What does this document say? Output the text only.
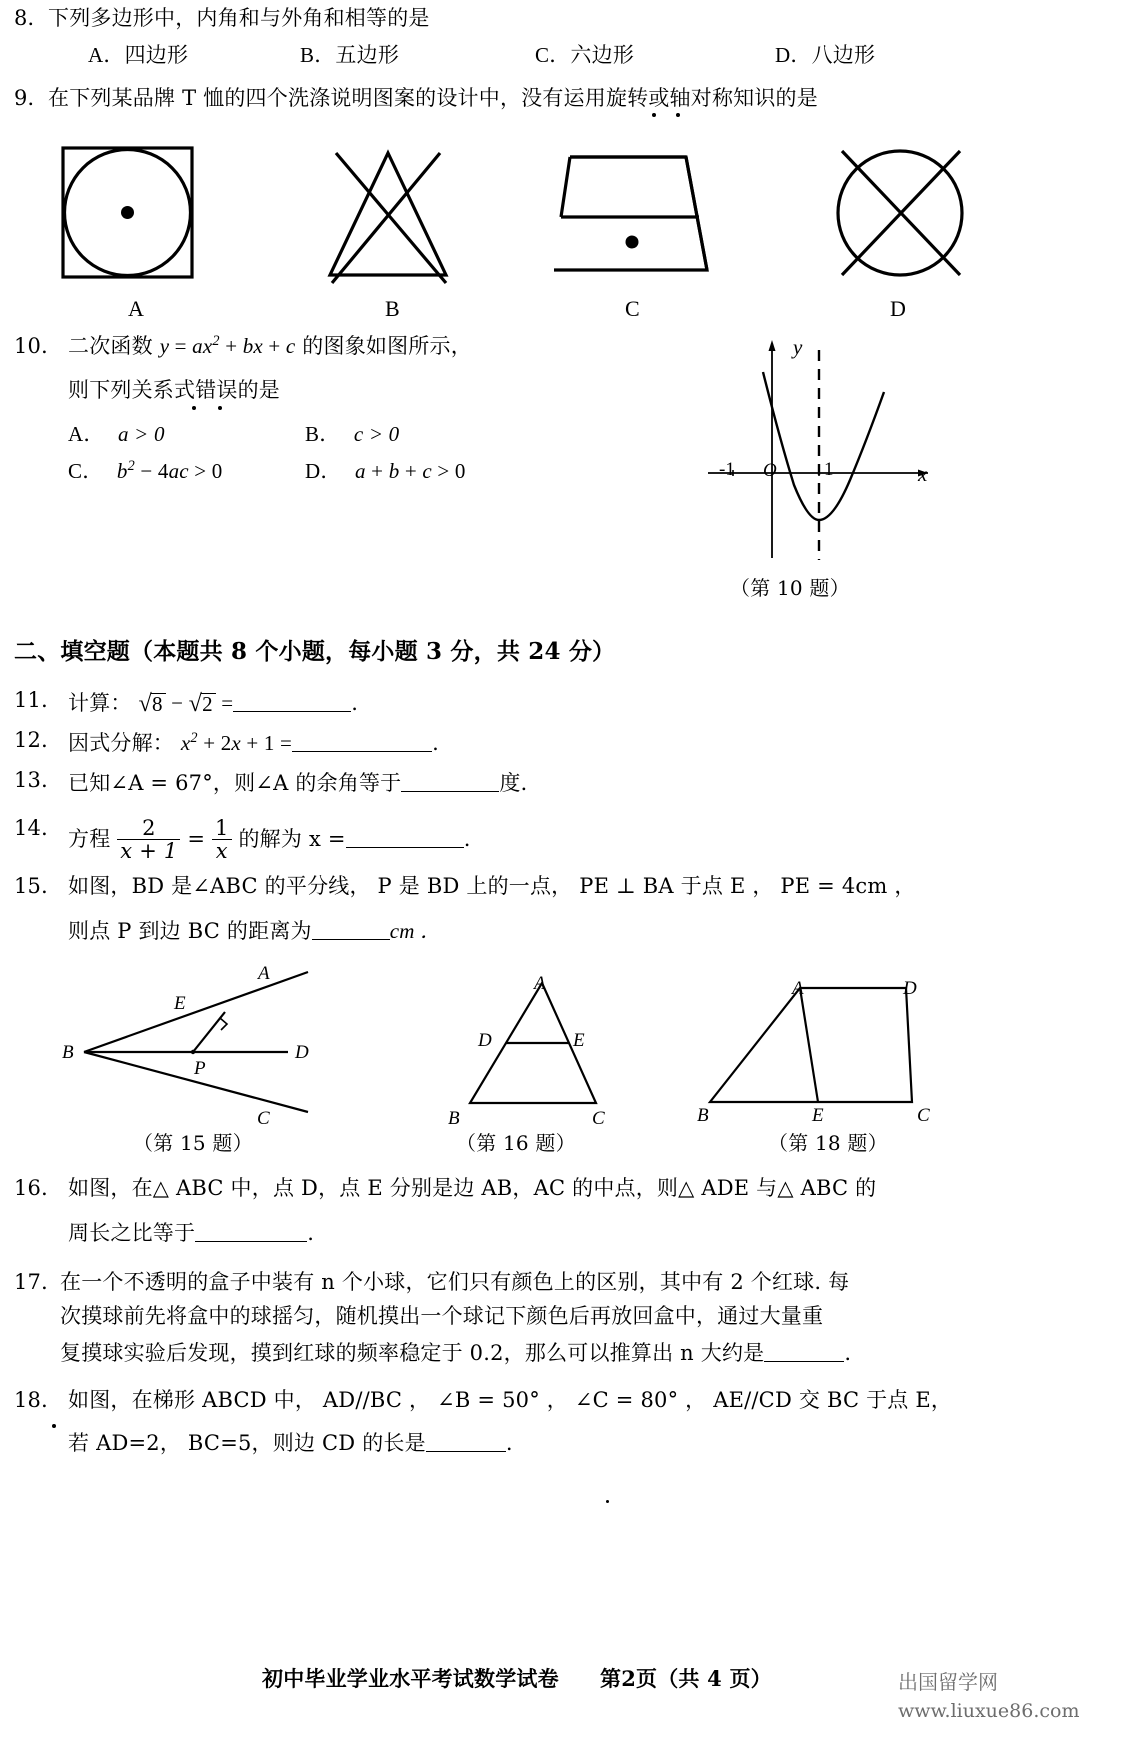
8． 下列多边形中，内角和与外角和相等的是
A．四边形	B．五边形	C．六边形	D．八边形
9． 在下列某品牌 T 恤的四个洗涤说明图案的设计中，没有运用旋转或轴对称知识的是
A	B	C	D
10． 二次函数 $y = ax^2$ + bx + c 的图象如图所示，
则下列关系式错误的是
A． a > 0	B． c > 0
C． $b^2 - 4ac > 0$	D． a + b + c > 0
y
x
O
-1	1
（第 10 题）
二、填空题（本题共 8 个小题，每小题 3 分，共 24 分）
11． 计算： √8 − √2 =	.
12． 因式分解： $x^2 + 2x + 1$ =	.
13． 已知∠A = 67°，则∠A 的余角等于	度．
14． 方程 $\frac{2}{x + 1} = \frac{1}{x}$ 的解为 x =	.
15． 如图，BD 是∠ABC 的平分线， P 是 BD 上的一点， PE ⊥ BA 于点 E ， PE = 4cm ，
则点 P 到边 BC 的距离为	cm ．
A
B
C
D
E
P
（第 15 题）
A
B	C
D	E
（第 16 题）
A
B	C
D
E
（第 18 题）
16． 如图，在△ ABC 中，点 D，点 E 分别是边 AB，AC 的中点，则△ ADE 与△ ABC 的
周长之比等于	.
17．
在一个不透明的盒子中装有 n 个小球，它们只有颜色上的区别，其中有 2 个红球. 每
次摸球前先将盒中的球摇匀，随机摸出一个球记下颜色后再放回盒中，通过大量重
复摸球实验后发现，摸到红球的频率稳定于 0.2，那么可以推算出 n 大约是	.
18． 如图，在梯形 ABCD 中， AD//BC ， ∠B = 50° ， ∠C = 80° ， AE//CD 交 BC 于点 E，
若 AD=2， BC=5，则边 CD 的长是	.
初中毕业学业水平考试数学试卷 第2页（共 4 页）	出国留学网
www.liuxue86.com
